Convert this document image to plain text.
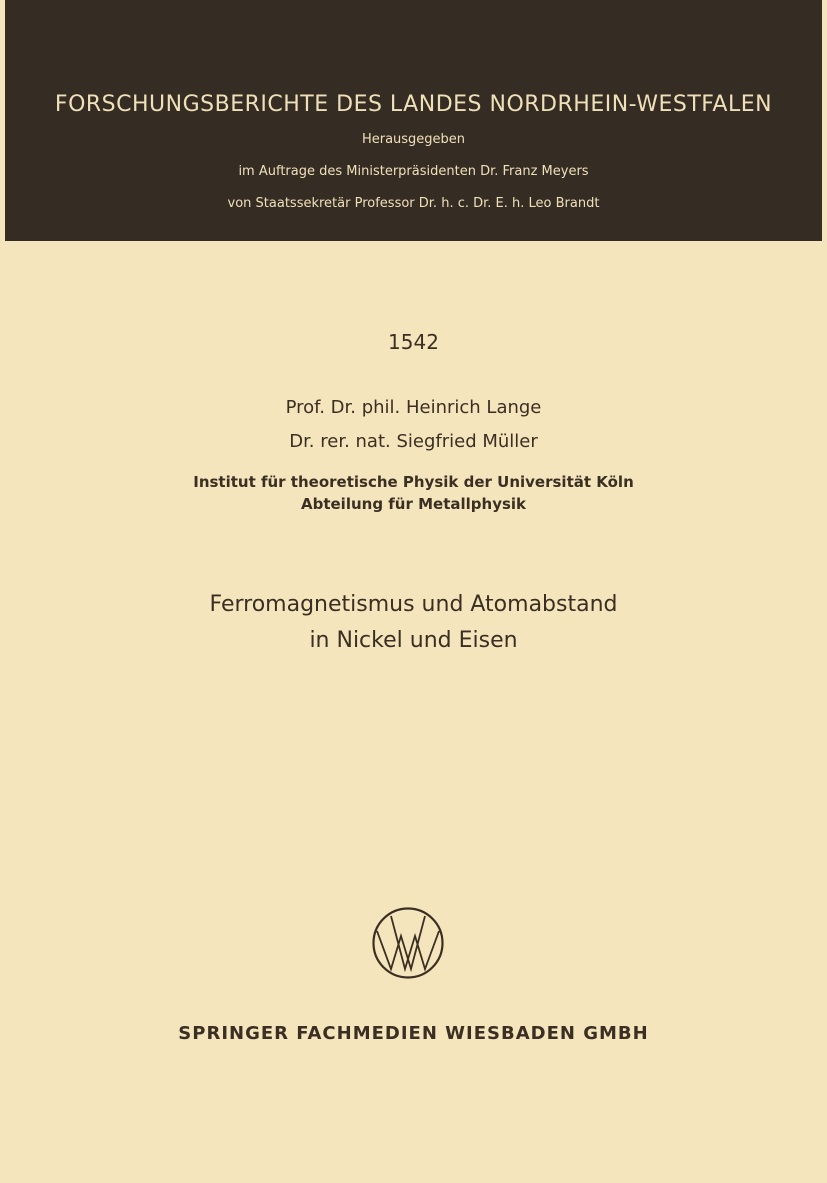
FORSCHUNGSBERICHTE DES LANDES NORDRHEIN-WESTFALEN
Herausgegeben
im Auftrage des Ministerpräsidenten Dr. Franz Meyers
von Staatssekretär Professor Dr. h. c. Dr. E. h. Leo Brandt
1542
Prof. Dr. phil. Heinrich Lange
Dr. rer. nat. Siegfried Müller
Institut für theoretische Physik der Universität Köln
Abteilung für Metallphysik
Ferromagnetismus und Atomabstand
in Nickel und Eisen
SPRINGER FACHMEDIEN WIESBADEN GMBH
